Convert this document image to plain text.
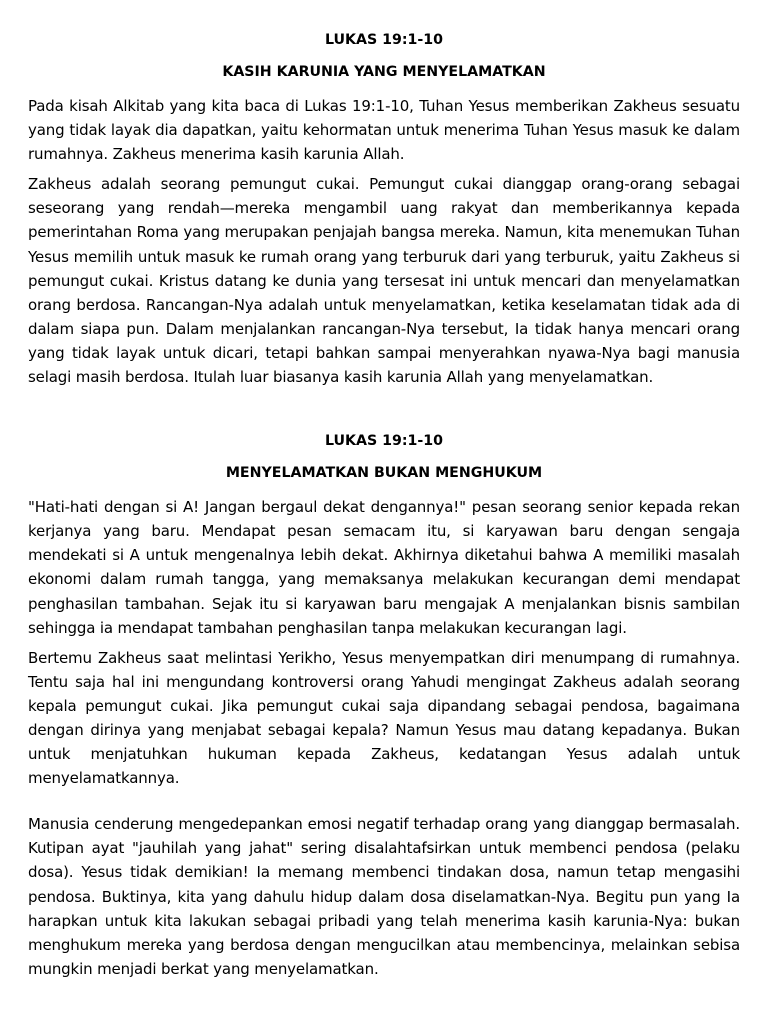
LUKAS 19:1-10

KASIH KARUNIA YANG MENYELAMATKAN

Pada kisah Alkitab yang kita baca di Lukas 19:1-10, Tuhan Yesus memberikan Zakheus sesuatu yang tidak layak dia dapatkan, yaitu kehormatan untuk menerima Tuhan Yesus masuk ke dalam rumahnya. Zakheus menerima kasih karunia Allah.

Zakheus adalah seorang pemungut cukai. Pemungut cukai dianggap orang-orang sebagai seseorang yang rendah—mereka mengambil uang rakyat dan memberikannya kepada pemerintahan Roma yang merupakan penjajah bangsa mereka. Namun, kita menemukan Tuhan Yesus memilih untuk masuk ke rumah orang yang terburuk dari yang terburuk, yaitu Zakheus si pemungut cukai. Kristus datang ke dunia yang tersesat ini untuk mencari dan menyelamatkan orang berdosa. Rancangan-Nya adalah untuk menyelamatkan, ketika keselamatan tidak ada di dalam siapa pun. Dalam menjalankan rancangan-Nya tersebut, Ia tidak hanya mencari orang yang tidak layak untuk dicari, tetapi bahkan sampai menyerahkan nyawa-Nya bagi manusia selagi masih berdosa. Itulah luar biasanya kasih karunia Allah yang menyelamatkan.

LUKAS 19:1-10

MENYELAMATKAN BUKAN MENGHUKUM

"Hati-hati dengan si A! Jangan bergaul dekat dengannya!" pesan seorang senior kepada rekan kerjanya yang baru. Mendapat pesan semacam itu, si karyawan baru dengan sengaja mendekati si A untuk mengenalnya lebih dekat. Akhirnya diketahui bahwa A memiliki masalah ekonomi dalam rumah tangga, yang memaksanya melakukan kecurangan demi mendapat penghasilan tambahan. Sejak itu si karyawan baru mengajak A menjalankan bisnis sambilan sehingga ia mendapat tambahan penghasilan tanpa melakukan kecurangan lagi.

Bertemu Zakheus saat melintasi Yerikho, Yesus menyempatkan diri menumpang di rumahnya. Tentu saja hal ini mengundang kontroversi orang Yahudi mengingat Zakheus adalah seorang kepala pemungut cukai. Jika pemungut cukai saja dipandang sebagai pendosa, bagaimana dengan dirinya yang menjabat sebagai kepala? Namun Yesus mau datang kepadanya. Bukan untuk menjatuhkan hukuman kepada Zakheus, kedatangan Yesus adalah untuk menyelamatkannya.

Manusia cenderung mengedepankan emosi negatif terhadap orang yang dianggap bermasalah. Kutipan ayat "jauhilah yang jahat" sering disalahtafsirkan untuk membenci pendosa (pelaku dosa). Yesus tidak demikian! Ia memang membenci tindakan dosa, namun tetap mengasihi pendosa. Buktinya, kita yang dahulu hidup dalam dosa diselamatkan-Nya. Begitu pun yang Ia harapkan untuk kita lakukan sebagai pribadi yang telah menerima kasih karunia-Nya: bukan menghukum mereka yang berdosa dengan mengucilkan atau membencinya, melainkan sebisa mungkin menjadi berkat yang menyelamatkan.
